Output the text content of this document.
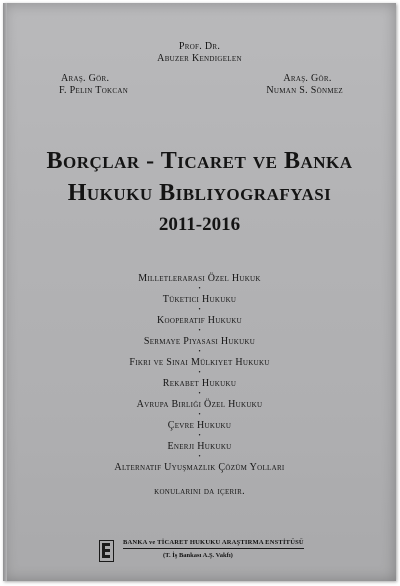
Prof. Dr.
Abuzer Kendigelen
Araş. Gör.
F. Pelin Tokcan
Araş. Gör.
Numan S. Sönmez
Borçlar - Ticaret ve Banka
Hukuku Bibliyografyası
2011-2016
Milletlerarası Özel Hukuk
•
Tüketici Hukuku
•
Kooperatif Hukuku
•
Sermaye Piyasası Hukuku
•
Fikri ve Sınai Mülkiyet Hukuku
•
Rekabet Hukuku
•
Avrupa Birliği Özel Hukuku
•
Çevre Hukuku
•
Enerji Hukuku
•
Alternatif Uyuşmazlık Çözüm Yolları
konularını da içerir.
BANKA ve TİCARET HUKUKU ARAŞTIRMA ENSTİTÜSÜ
(T. İş Bankası A.Ş. Vakfı)
